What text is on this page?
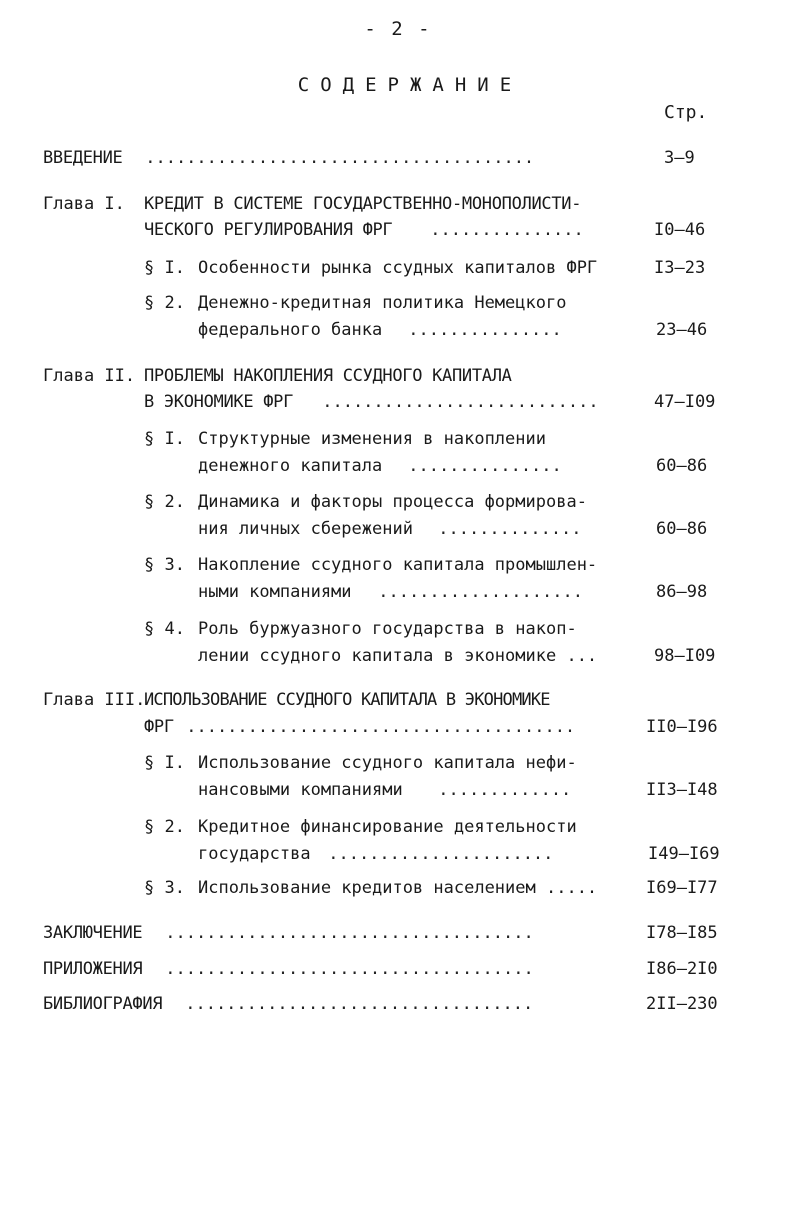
- 2 -
СОДЕРЖАНИЕ
Стр.
ВВЕДЕНИЕ ......................................	3–9
Глава I. КРЕДИТ В СИСТЕМЕ ГОСУДАРСТВЕННО-МОНОПОЛИСТИ-
ЧЕСКОГО РЕГУЛИРОВАНИЯ ФРГ ...............	I0–46
§ I. Особенности рынка ссудных капиталов ФРГ	I3–23
§ 2. Денежно-кредитная политика Немецкого
федерального банка ...............	23–46
Глава II. ПРОБЛЕМЫ НАКОПЛЕНИЯ ССУДНОГО КАПИТАЛА
В ЭКОНОМИКЕ ФРГ ...........................	47–I09
§ I. Структурные изменения в накоплении
денежного капитала ...............	60–86
§ 2. Динамика и факторы процесса формирова-
ния личных сбережений ..............	60–86
§ 3. Накопление ссудного капитала промышлен-
ными компаниями ....................	86–98
§ 4. Роль буржуазного государства в накоп-
лении ссудного капитала в экономике ...	98–I09
Глава III.
ИСПОЛЬЗОВАНИЕ ССУДНОГО КАПИТАЛА В ЭКОНОМИКЕ
ФРГ ......................................	II0–I96
§ I. Использование ссудного капитала нефи-
нансовыми компаниями .............	II3–I48
§ 2. Кредитное финансирование деятельности
государства ......................	I49–I69
§ 3. Использование кредитов населением .....	I69–I77
ЗАКЛЮЧЕНИЕ ....................................	I78–I85
ПРИЛОЖЕНИЯ ....................................	I86–2I0
БИБЛИОГРАФИЯ ..................................	2II–230
